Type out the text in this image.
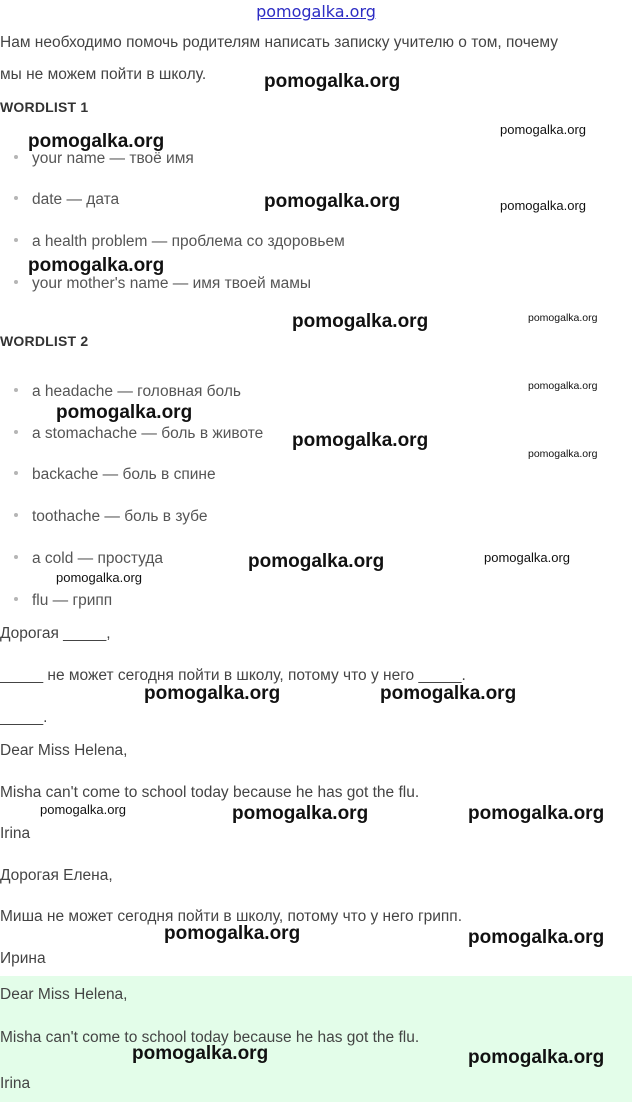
pomogalka.org
Нам необходимо помочь родителям написать записку учителю о том, почему
мы не можем пойти в школу.
WORDLIST 1
your name — твоё имя
date — дата
a health problem — проблема со здоровьем
your mother's name — имя твоей мамы
WORDLIST 2
a headache — головная боль
a stomachache — боль в животе
backache — боль в спине
toothache — боль в зубе
a cold — простуда
flu — грипп
Дорогая _____,
_____ не может сегодня пойти в школу, потому что у него _____.
_____.
Dear Miss Helena,
Misha can't come to school today because he has got the flu.
Irina
Дорогая Елена,
Миша не может сегодня пойти в школу, потому что у него грипп.
Ирина
Dear Miss Helena,
Misha can't come to school today because he has got the flu.
Irina
pomogalka.org
pomogalka.org
pomogalka.org
pomogalka.org	pomogalka.org
pomogalka.org
pomogalka.org	pomogalka.org
pomogalka.org
pomogalka.org
pomogalka.org
pomogalka.org
pomogalka.org	pomogalka.org
pomogalka.org
pomogalka.org	pomogalka.org
pomogalka.org	pomogalka.org	pomogalka.org
pomogalka.org	pomogalka.org
pomogalka.org	pomogalka.org
